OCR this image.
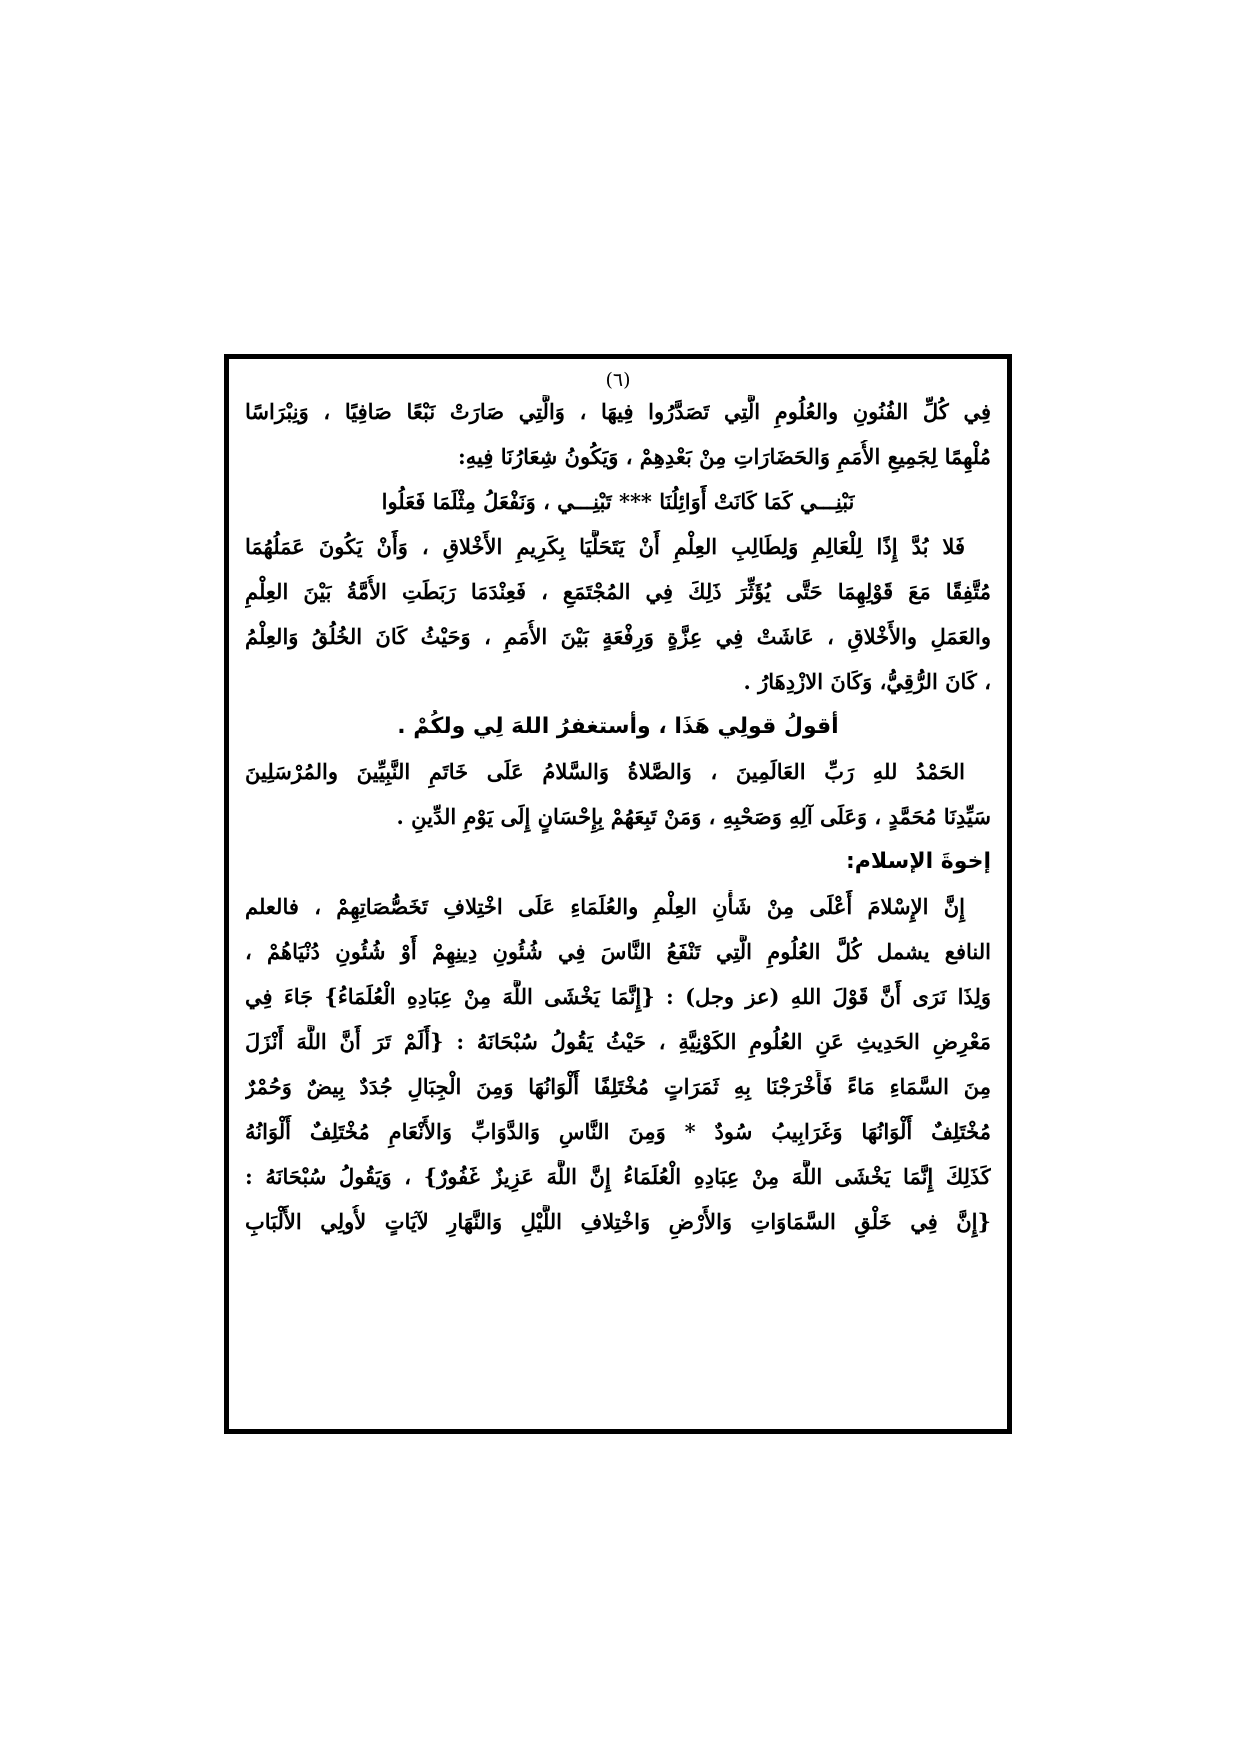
(٦)
فِي كُلِّ الفُنُونِ والعُلُومِ الَّتِي تَصَدَّرُوا فِيهَا ، وَالَّتِي صَارَتْ نَبْعًا صَافِيًا ، وَنِبْرَاسًا
مُلْهِمًا لِجَمِيعِ الأُمَمِ وَالحَضَارَاتِ مِنْ بَعْدِهِمْ ، وَيَكُونُ شِعَارُنَا فِيهِ:
نَبْنِـــي كَمَا كَانَتْ أَوَائِلُنَا *** تَبْنِـــي ، وَنَفْعَلُ مِثْلَمَا فَعَلُوا
فَلا بُدَّ إِذًا لِلْعَالِمِ وَلِطَالِبِ العِلْمِ أَنْ يَتَحَلَّيَا بِكَرِيمِ الأَخْلاقِ ، وَأَنْ يَكُونَ عَمَلُهُمَا
مُتَّفِقًا مَعَ قَوْلِهِمَا حَتَّى يُؤَثِّرَ ذَلِكَ فِي المُجْتَمَعِ ، فَعِنْدَمَا رَبَطَتِ الأُمَّةُ بَيْنَ العِلْمِ
والعَمَلِ والأَخْلاقِ ، عَاشَتْ فِي عِزَّةٍ وَرِفْعَةٍ بَيْنَ الأُمَمِ ، وَحَيْثُ كَانَ الخُلُقُ وَالعِلْمُ
، كَانَ الرُّقِيُّ، وَكَانَ الازْدِهَارُ .
أقولُ قولِي هَذَا ، وأستغفرُ اللهَ لِي ولكُمْ .
الحَمْدُ للهِ رَبِّ العَالَمِينَ ، وَالصَّلاةُ وَالسَّلامُ عَلَى خَاتَمِ النَّبِيِّينَ والمُرْسَلِينَ
سَيِّدِنَا مُحَمَّدٍ ، وَعَلَى آلِهِ وَصَحْبِهِ ، وَمَنْ تَبِعَهُمْ بِإِحْسَانٍ إِلَى يَوْمِ الدِّينِ .
إخوةَ الإسلام:
إِنَّ الإِسْلامَ أَعْلَى مِنْ شَأْنِ العِلْمِ والعُلَمَاءِ عَلَى اخْتِلافِ تَخَصُّصَاتِهِمْ ، فالعلم
النافع يشمل كُلَّ العُلُومِ الَّتِي تَنْفَعُ النَّاسَ فِي شُئُونِ دِينِهِمْ أَوْ شُئُونِ دُنْيَاهُمْ ،
وَلِذَا نَرَى أَنَّ قَوْلَ اللهِ (عز وجل) : {إِنَّمَا يَخْشَى اللَّهَ مِنْ عِبَادِهِ الْعُلَمَاءُ} جَاءَ فِي
مَعْرِضِ الحَدِيثِ عَنِ العُلُومِ الكَوْنِيَّةِ ، حَيْثُ يَقُولُ سُبْحَانَهُ : {أَلَمْ تَرَ أَنَّ اللَّهَ أَنْزَلَ
مِنَ السَّمَاءِ مَاءً فَأَخْرَجْنَا بِهِ ثَمَرَاتٍ مُخْتَلِفًا أَلْوَانُهَا وَمِنَ الْجِبَالِ جُدَدٌ بِيضٌ وَحُمْرٌ
مُخْتَلِفٌ أَلْوَانُهَا وَغَرَابِيبُ سُودٌ * وَمِنَ النَّاسِ وَالدَّوَابِّ وَالأَنْعَامِ مُخْتَلِفٌ أَلْوَانُهُ
كَذَلِكَ إِنَّمَا يَخْشَى اللَّهَ مِنْ عِبَادِهِ الْعُلَمَاءُ إِنَّ اللَّهَ عَزِيزٌ غَفُورٌ} ، وَيَقُولُ سُبْحَانَهُ :
{إِنَّ فِي خَلْقِ السَّمَاوَاتِ وَالأَرْضِ وَاخْتِلافِ اللَّيْلِ وَالنَّهَارِ لآيَاتٍ لأُولِي الأَلْبَابِ
